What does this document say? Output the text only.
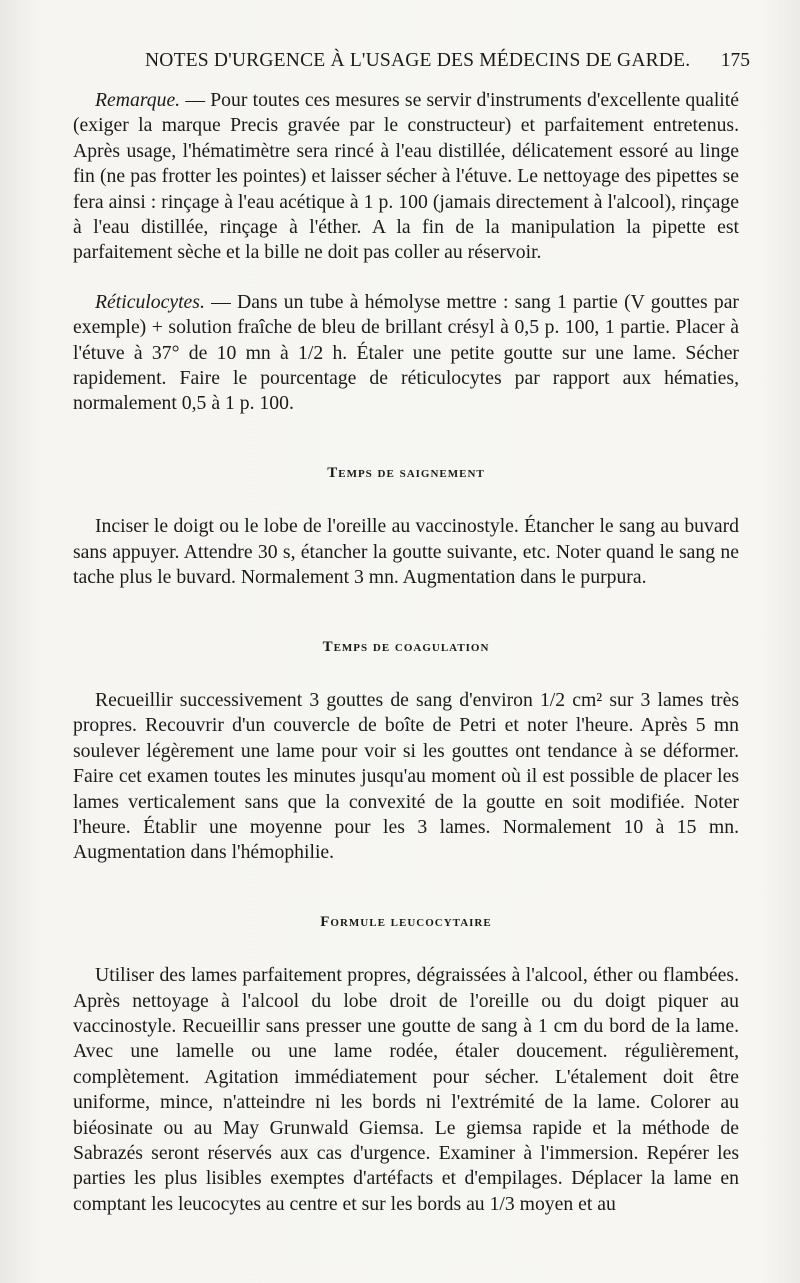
NOTES D'URGENCE À L'USAGE DES MÉDECINS DE GARDE. 175

Remarque. — Pour toutes ces mesures se servir d'instruments d'excellente qualité (exiger la marque Precis gravée par le constructeur) et parfaitement entretenus. Après usage, l'hématimètre sera rincé à l'eau distillée, délicatement essoré au linge fin (ne pas frotter les pointes) et laisser sécher à l'étuve. Le nettoyage des pipettes se fera ainsi : rinçage à l'eau acétique à 1 p. 100 (jamais directement à l'alcool), rinçage à l'eau distillée, rinçage à l'éther. A la fin de la manipulation la pipette est parfaitement sèche et la bille ne doit pas coller au réservoir.

Réticulocytes. — Dans un tube à hémolyse mettre : sang 1 partie (V gouttes par exemple) + solution fraîche de bleu de brillant crésyl à 0,5 p. 100, 1 partie. Placer à l'étuve à 37° de 10 mn à 1/2 h. Étaler une petite goutte sur une lame. Sécher rapidement. Faire le pourcentage de réticulocytes par rapport aux hématies, normalement 0,5 à 1 p. 100.

Temps de saignement

Inciser le doigt ou le lobe de l'oreille au vaccinostyle. Étancher le sang au buvard sans appuyer. Attendre 30 s, étancher la goutte suivante, etc. Noter quand le sang ne tache plus le buvard. Normalement 3 mn. Augmentation dans le purpura.

Temps de coagulation

Recueillir successivement 3 gouttes de sang d'environ 1/2 cm² sur 3 lames très propres. Recouvrir d'un couvercle de boîte de Petri et noter l'heure. Après 5 mn soulever légèrement une lame pour voir si les gouttes ont tendance à se déformer. Faire cet examen toutes les minutes jusqu'au moment où il est possible de placer les lames verticalement sans que la convexité de la goutte en soit modifiée. Noter l'heure. Établir une moyenne pour les 3 lames. Normalement 10 à 15 mn. Augmentation dans l'hémophilie.

Formule leucocytaire

Utiliser des lames parfaitement propres, dégraissées à l'alcool, éther ou flambées. Après nettoyage à l'alcool du lobe droit de l'oreille ou du doigt piquer au vaccinostyle. Recueillir sans presser une goutte de sang à 1 cm du bord de la lame. Avec une lamelle ou une lame rodée, étaler doucement. régulièrement, complètement. Agitation immédiatement pour sécher. L'étalement doit être uniforme, mince, n'atteindre ni les bords ni l'extrémité de la lame. Colorer au biéosinate ou au May Grunwald Giemsa. Le giemsa rapide et la méthode de Sabrazés seront réservés aux cas d'urgence. Examiner à l'immersion. Repérer les parties les plus lisibles exemptes d'artéfacts et d'empilages. Déplacer la lame en comptant les leucocytes au centre et sur les bords au 1/3 moyen et au
